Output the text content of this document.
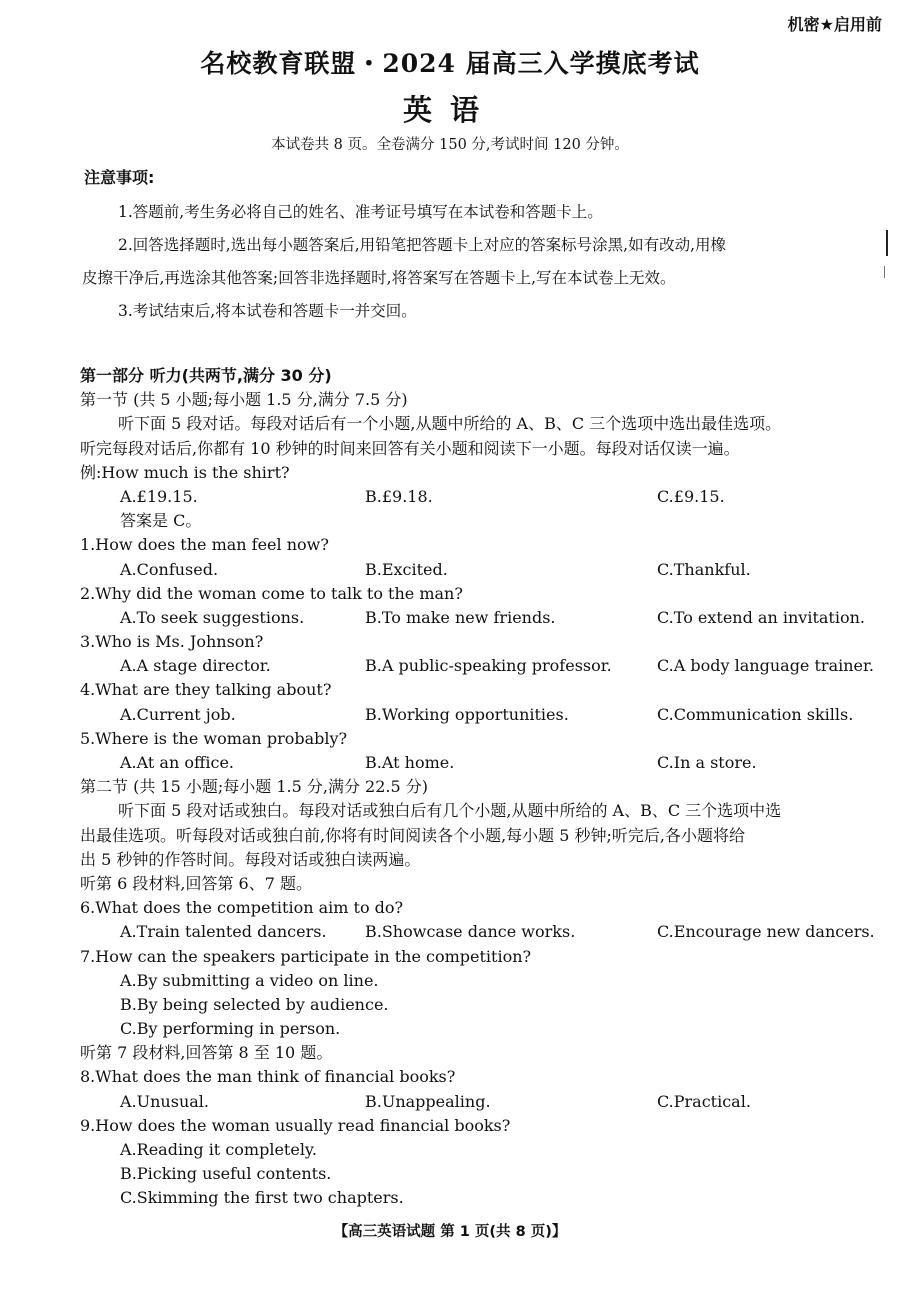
机密★启用前
名校教育联盟・2024 届高三入学摸底考试
英语
本试卷共 8 页。全卷满分 150 分,考试时间 120 分钟。
注意事项:
1.答题前,考生务必将自己的姓名、准考证号填写在本试卷和答题卡上。
2.回答选择题时,选出每小题答案后,用铅笔把答题卡上对应的答案标号涂黑,如有改动,用橡
皮擦干净后,再选涂其他答案;回答非选择题时,将答案写在答题卡上,写在本试卷上无效。
3.考试结束后,将本试卷和答题卡一并交回。
第一部分 听力(共两节,满分 30 分)
第一节 (共 5 小题;每小题 1.5 分,满分 7.5 分)
听下面 5 段对话。每段对话后有一个小题,从题中所给的 A、B、C 三个选项中选出最佳选项。
听完每段对话后,你都有 10 秒钟的时间来回答有关小题和阅读下一小题。每段对话仅读一遍。
例:How much is the shirt?
A.£19.15.	B.£9.18.	C.£9.15.
答案是 C。
1.How does the man feel now?
A.Confused.	B.Excited.	C.Thankful.
2.Why did the woman come to talk to the man?
A.To seek suggestions.	B.To make new friends.	C.To extend an invitation.
3.Who is Ms. Johnson?
A.A stage director.	B.A public-speaking professor.	C.A body language trainer.
4.What are they talking about?
A.Current job.	B.Working opportunities.	C.Communication skills.
5.Where is the woman probably?
A.At an office.	B.At home.	C.In a store.
第二节 (共 15 小题;每小题 1.5 分,满分 22.5 分)
听下面 5 段对话或独白。每段对话或独白后有几个小题,从题中所给的 A、B、C 三个选项中选
出最佳选项。听每段对话或独白前,你将有时间阅读各个小题,每小题 5 秒钟;听完后,各小题将给
出 5 秒钟的作答时间。每段对话或独白读两遍。
听第 6 段材料,回答第 6、7 题。
6.What does the competition aim to do?
A.Train talented dancers. B.Showcase dance works.	C.Encourage new dancers.
7.How can the speakers participate in the competition?
A.By submitting a video on line.
B.By being selected by audience.
C.By performing in person.
听第 7 段材料,回答第 8 至 10 题。
8.What does the man think of financial books?
A.Unusual.	B.Unappealing.	C.Practical.
9.How does the woman usually read financial books?
A.Reading it completely.
B.Picking useful contents.
C.Skimming the first two chapters.
【高三英语试题 第 1 页(共 8 页)】
